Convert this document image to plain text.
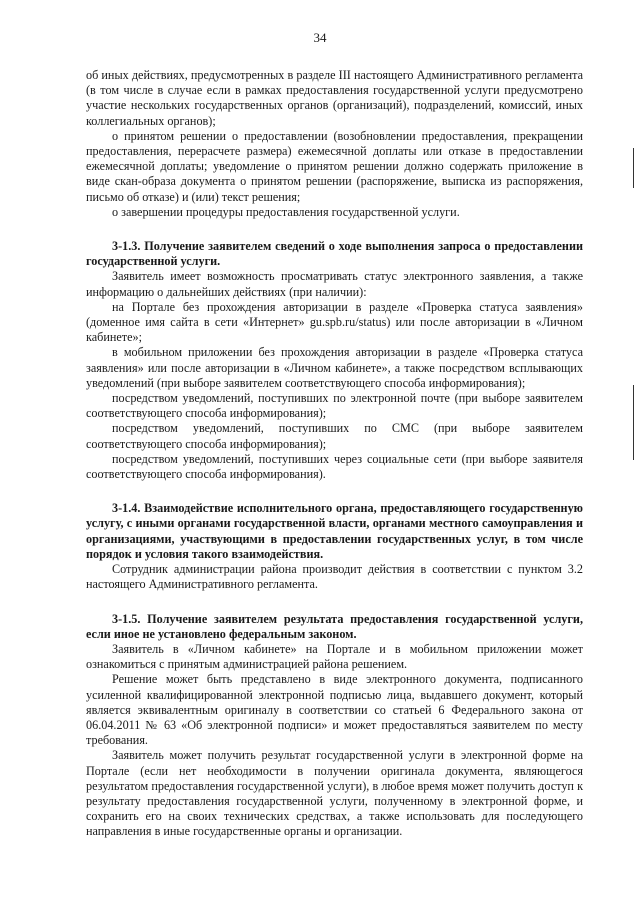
34

об иных действиях, предусмотренных в разделе III настоящего Административного регламента (в том числе в случае если в рамках предоставления государственной услуги предусмотрено участие нескольких государственных органов (организаций), подразделений, комиссий, иных коллегиальных органов);

о принятом решении о предоставлении (возобновлении предоставления, прекращении предоставления, перерасчете размера) ежемесячной доплаты или отказе в предоставлении ежемесячной доплаты; уведомление о принятом решении должно содержать приложение в виде скан-образа документа о принятом решении (распоряжение, выписка из распоряжения, письмо об отказе) и (или) текст решения;

о завершении процедуры предоставления государственной услуги.

3-1.3. Получение заявителем сведений о ходе выполнения запроса о предоставлении государственной услуги.

Заявитель имеет возможность просматривать статус электронного заявления, а также информацию о дальнейших действиях (при наличии):

на Портале без прохождения авторизации в разделе «Проверка статуса заявления» (доменное имя сайта в сети «Интернет» gu.spb.ru/status) или после авторизации в «Личном кабинете»;

в мобильном приложении без прохождения авторизации в разделе «Проверка статуса заявления» или после авторизации в «Личном кабинете», а также посредством всплывающих уведомлений (при выборе заявителем соответствующего способа информирования);

посредством уведомлений, поступивших по электронной почте (при выборе заявителем соответствующего способа информирования);

посредством уведомлений, поступивших по СМС (при выборе заявителем соответствующего способа информирования);

посредством уведомлений, поступивших через социальные сети (при выборе заявителя соответствующего способа информирования).

3-1.4. Взаимодействие исполнительного органа, предоставляющего государственную услугу, с иными органами государственной власти, органами местного самоуправления и организациями, участвующими в предоставлении государственных услуг, в том числе порядок и условия такого взаимодействия.

Сотрудник администрации района производит действия в соответствии с пунктом 3.2 настоящего Административного регламента.

3-1.5. Получение заявителем результата предоставления государственной услуги, если иное не установлено федеральным законом.

Заявитель в «Личном кабинете» на Портале и в мобильном приложении может ознакомиться с принятым администрацией района решением.

Решение может быть представлено в виде электронного документа, подписанного усиленной квалифицированной электронной подписью лица, выдавшего документ, который является эквивалентным оригиналу в соответствии со статьей 6 Федерального закона от 06.04.2011 № 63 «Об электронной подписи» и может предоставляться заявителем по месту требования.

Заявитель может получить результат государственной услуги в электронной форме на Портале (если нет необходимости в получении оригинала документа, являющегося результатом предоставления государственной услуги), в любое время может получить доступ к результату предоставления государственной услуги, полученному в электронной форме, и сохранить его на своих технических средствах, а также использовать для последующего направления в иные государственные органы и организации.
